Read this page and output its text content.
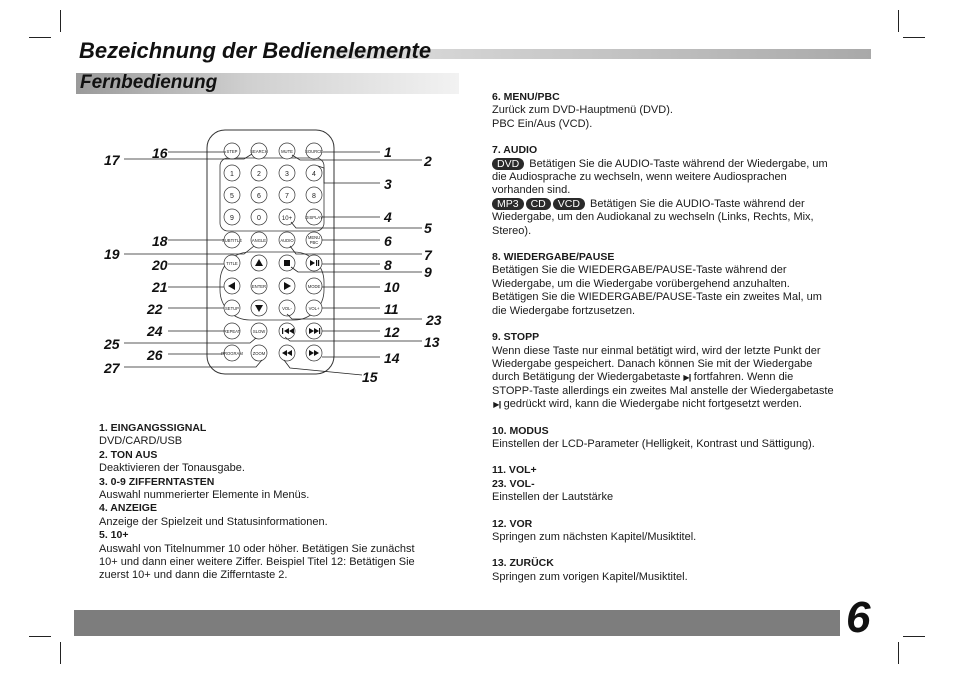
Bezeichnung der Bedienelemente
Fernbedienung
STEP	SEARCH	MUTE	SOURCE
1	2	3	4
5	6	7	8
9	0	10+	DISPLAY
SUBTITLE ANGLE	AUDIO
MENU
PBC
TITLE
MODE
ENTER
SETUP	VOL-	VOL+
REPEAT	SLOW
PROGRAM ZOOM
16
17	1
2
3
4
5
18	6
19	7
20	8 9
21	10
22	11
23
24	12
25	13
26	14
27
15

1. EINGANGSSIGNAL

DVD/CARD/USB

2. TON AUS

Deaktivieren der Tonausgabe.

3. 0-9 ZIFFERNTASTEN

Auswahl nummerierter Elemente in Menüs.

4. ANZEIGE

Anzeige der Spielzeit und Statusinformationen.

5. 10+

Auswahl von Titelnummer 10 oder höher. Betätigen Sie zunächst

10+ und dann einer weitere Ziffer. Beispiel Titel 12: Betätigen Sie

zuerst 10+ und dann die Zifferntaste 2.

6. MENU/PBC

Zurück zum DVD-Hauptmenü (DVD).

PBC Ein/Aus (VCD).

7. AUDIO

DVD Betätigen Sie die AUDIO-Taste während der Wiedergabe, um

die Audiosprache zu wechseln, wenn weitere Audiosprachen

vorhanden sind.

MP3 CD VCD Betätigen Sie die AUDIO-Taste während der

Wiedergabe, um den Audiokanal zu wechseln (Links, Rechts, Mix,

Stereo).

8. WIEDERGABE/PAUSE

Betätigen Sie die WIEDERGABE/PAUSE-Taste während der

Wiedergabe, um die Wiedergabe vorübergehend anzuhalten.

Betätigen Sie die WIEDERGABE/PAUSE-Taste ein zweites Mal, um

die Wiedergabe fortzusetzen.

9. STOPP

Wenn diese Taste nur einmal betätigt wird, wird der letzte Punkt der

Wiedergabe gespeichert. Danach können Sie mit der Wiedergabe

durch Betätigung der Wiedergabetaste ▶|| fortfahren. Wenn die

STOPP-Taste allerdings ein zweites Mal anstelle der Wiedergabetaste

▶|| gedrückt wird, kann die Wiedergabe nicht fortgesetzt werden.

10. MODUS

Einstellen der LCD-Parameter (Helligkeit, Kontrast und Sättigung).

11. VOL+

23. VOL-

Einstellen der Lautstärke

12. VOR

Springen zum nächsten Kapitel/Musiktitel.

13. ZURÜCK

Springen zum vorigen Kapitel/Musiktitel.

6
